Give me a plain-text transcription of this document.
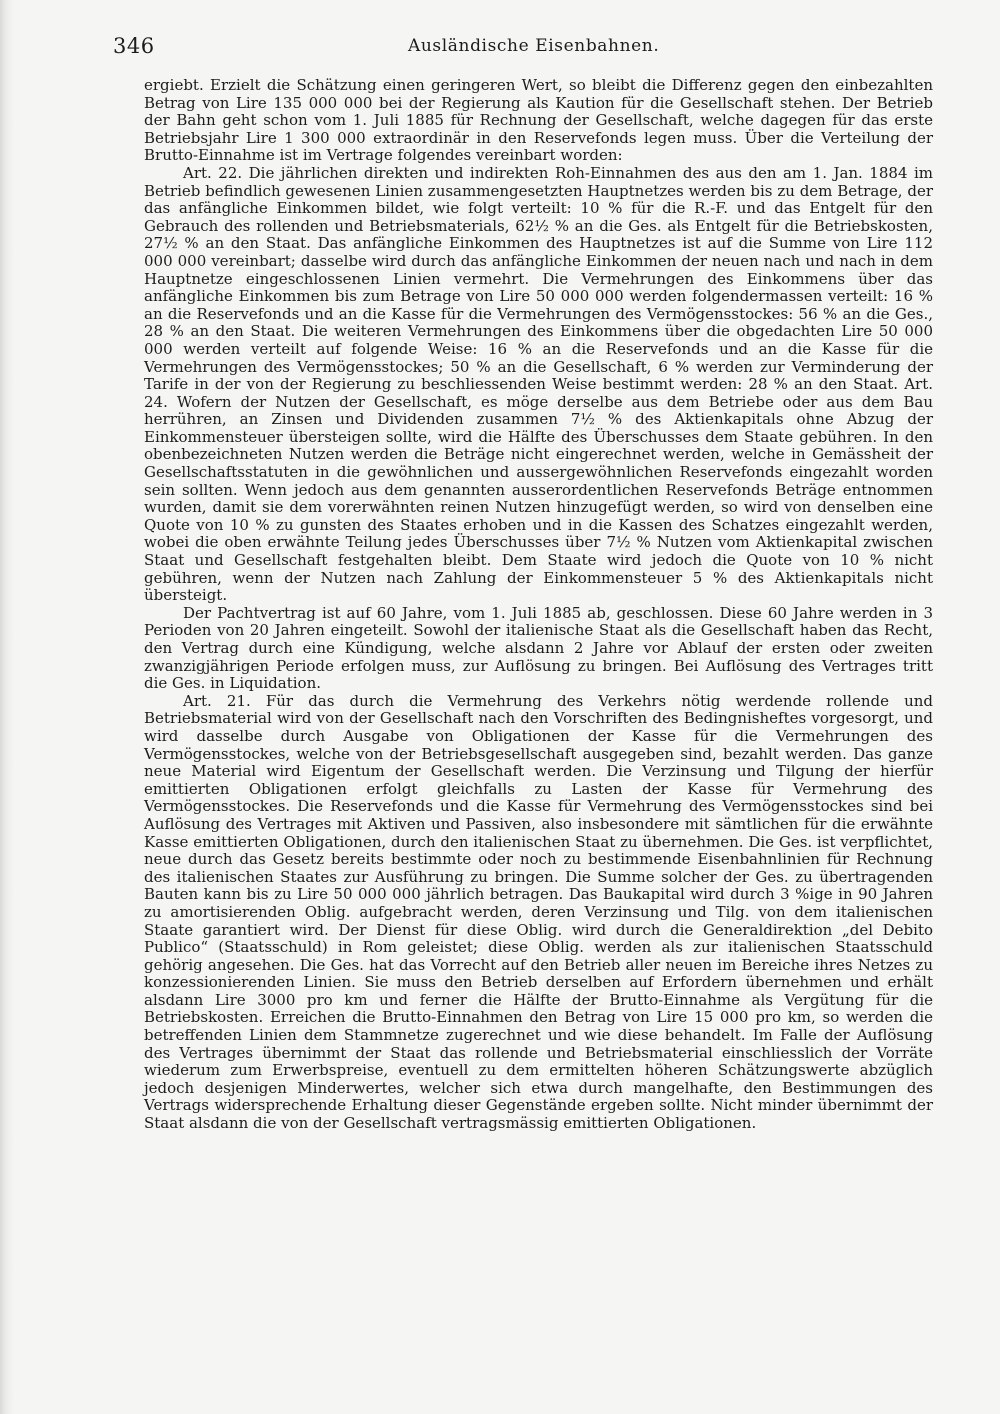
346	Ausländische Eisenbahnen.

ergiebt. Erzielt die Schätzung einen geringeren Wert, so bleibt die Differenz gegen den einbezahlten Betrag von Lire 135 000 000 bei der Regierung als Kaution für die Gesellschaft stehen. Der Betrieb der Bahn geht schon vom 1. Juli 1885 für Rechnung der Gesellschaft, welche dagegen für das erste Betriebsjahr Lire 1 300 000 extraordinär in den Reservefonds legen muss. Über die Verteilung der Brutto-Einnahme ist im Vertrage folgendes vereinbart worden:

Art. 22. Die jährlichen direkten und indirekten Roh-Einnahmen des aus den am 1. Jan. 1884 im Betrieb befindlich gewesenen Linien zusammengesetzten Hauptnetzes werden bis zu dem Betrage, der das anfängliche Einkommen bildet, wie folgt verteilt: 10 % für die R.-F. und das Entgelt für den Gebrauch des rollenden und Betriebsmaterials, 62½ % an die Ges. als Entgelt für die Betriebskosten, 27½ % an den Staat. Das anfängliche Einkommen des Hauptnetzes ist auf die Summe von Lire 112 000 000 vereinbart; dasselbe wird durch das anfängliche Einkommen der neuen nach und nach in dem Hauptnetze eingeschlossenen Linien vermehrt. Die Vermehrungen des Einkommens über das anfängliche Einkommen bis zum Betrage von Lire 50 000 000 werden folgendermassen verteilt: 16 % an die Reservefonds und an die Kasse für die Vermehrungen des Vermögensstockes: 56 % an die Ges., 28 % an den Staat. Die weiteren Vermehrungen des Einkommens über die obgedachten Lire 50 000 000 werden verteilt auf folgende Weise: 16 % an die Reservefonds und an die Kasse für die Vermehrungen des Vermögensstockes; 50 % an die Gesellschaft, 6 % werden zur Verminderung der Tarife in der von der Regierung zu beschliessenden Weise bestimmt werden: 28 % an den Staat. Art. 24. Wofern der Nutzen der Gesellschaft, es möge derselbe aus dem Betriebe oder aus dem Bau herrühren, an Zinsen und Dividenden zusammen 7½ % des Aktienkapitals ohne Abzug der Einkommensteuer übersteigen sollte, wird die Hälfte des Überschusses dem Staate gebühren. In den obenbezeichneten Nutzen werden die Beträge nicht eingerechnet werden, welche in Gemässheit der Gesellschaftsstatuten in die gewöhnlichen und aussergewöhnlichen Reservefonds eingezahlt worden sein sollten. Wenn jedoch aus dem genannten ausserordentlichen Reservefonds Beträge entnommen wurden, damit sie dem vorerwähnten reinen Nutzen hinzugefügt werden, so wird von denselben eine Quote von 10 % zu gunsten des Staates erhoben und in die Kassen des Schatzes eingezahlt werden, wobei die oben erwähnte Teilung jedes Überschusses über 7½ % Nutzen vom Aktienkapital zwischen Staat und Gesellschaft festgehalten bleibt. Dem Staate wird jedoch die Quote von 10 % nicht gebühren, wenn der Nutzen nach Zahlung der Einkommensteuer 5 % des Aktienkapitals nicht übersteigt.

Der Pachtvertrag ist auf 60 Jahre, vom 1. Juli 1885 ab, geschlossen. Diese 60 Jahre werden in 3 Perioden von 20 Jahren eingeteilt. Sowohl der italienische Staat als die Gesellschaft haben das Recht, den Vertrag durch eine Kündigung, welche alsdann 2 Jahre vor Ablauf der ersten oder zweiten zwanzigjährigen Periode erfolgen muss, zur Auflösung zu bringen. Bei Auflösung des Vertrages tritt die Ges. in Liquidation.

Art. 21. Für das durch die Vermehrung des Verkehrs nötig werdende rollende und Betriebsmaterial wird von der Gesellschaft nach den Vorschriften des Bedingnisheftes vorgesorgt, und wird dasselbe durch Ausgabe von Obligationen der Kasse für die Vermehrungen des Vermögensstockes, welche von der Betriebsgesellschaft ausgegeben sind, bezahlt werden. Das ganze neue Material wird Eigentum der Gesellschaft werden. Die Verzinsung und Tilgung der hierfür emittierten Obligationen erfolgt gleichfalls zu Lasten der Kasse für Vermehrung des Vermögensstockes. Die Reservefonds und die Kasse für Vermehrung des Vermögensstockes sind bei Auflösung des Vertrages mit Aktiven und Passiven, also insbesondere mit sämtlichen für die erwähnte Kasse emittierten Obligationen, durch den italienischen Staat zu übernehmen. Die Ges. ist verpflichtet, neue durch das Gesetz bereits bestimmte oder noch zu bestimmende Eisenbahnlinien für Rechnung des italienischen Staates zur Ausführung zu bringen. Die Summe solcher der Ges. zu übertragenden Bauten kann bis zu Lire 50 000 000 jährlich betragen. Das Baukapital wird durch 3 %ige in 90 Jahren zu amortisierenden Oblig. aufgebracht werden, deren Verzinsung und Tilg. von dem italienischen Staate garantiert wird. Der Dienst für diese Oblig. wird durch die Generaldirektion „del Debito Publico“ (Staatsschuld) in Rom geleistet; diese Oblig. werden als zur italienischen Staatsschuld gehörig angesehen. Die Ges. hat das Vorrecht auf den Betrieb aller neuen im Bereiche ihres Netzes zu konzessionierenden Linien. Sie muss den Betrieb derselben auf Erfordern übernehmen und erhält alsdann Lire 3000 pro km und ferner die Hälfte der Brutto-Einnahme als Vergütung für die Betriebskosten. Erreichen die Brutto-Einnahmen den Betrag von Lire 15 000 pro km, so werden die betreffenden Linien dem Stammnetze zugerechnet und wie diese behandelt. Im Falle der Auflösung des Vertrages übernimmt der Staat das rollende und Betriebsmaterial einschliesslich der Vorräte wiederum zum Erwerbspreise, eventuell zu dem ermittelten höheren Schätzungswerte abzüglich jedoch desjenigen Minderwertes, welcher sich etwa durch mangelhafte, den Bestimmungen des Vertrags widersprechende Erhaltung dieser Gegenstände ergeben sollte. Nicht minder übernimmt der Staat alsdann die von der Gesellschaft vertragsmässig emittierten Obligationen.
